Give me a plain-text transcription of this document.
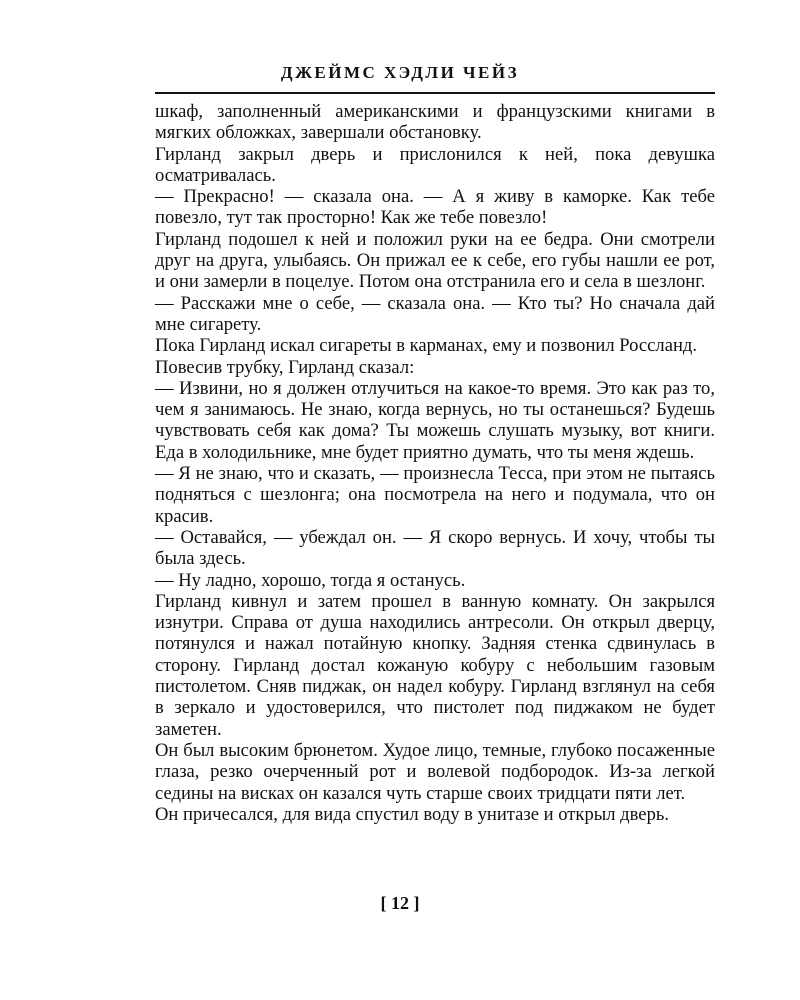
ДЖЕЙМС ХЭДЛИ ЧЕЙЗ

шкаф, заполненный американскими и французскими книгами в мягких обложках, завершали обстановку.

Гирланд закрыл дверь и прислонился к ней, пока девушка осматривалась.

— Прекрасно! — сказала она. — А я живу в каморке. Как тебе повезло, тут так просторно! Как же тебе повезло!

Гирланд подошел к ней и положил руки на ее бедра. Они смотрели друг на друга, улыбаясь. Он прижал ее к себе, его губы нашли ее рот, и они замерли в поцелуе. Потом она отстранила его и села в шезлонг.

— Расскажи мне о себе, — сказала она. — Кто ты? Но сначала дай мне сигарету.

Пока Гирланд искал сигареты в карманах, ему и позвонил Россланд.

Повесив трубку, Гирланд сказал:

— Извини, но я должен отлучиться на какое-то время. Это как раз то, чем я занимаюсь. Не знаю, когда вернусь, но ты останешься? Будешь чувствовать себя как дома? Ты можешь слушать музыку, вот книги. Еда в холодильнике, мне будет приятно думать, что ты меня ждешь.

— Я не знаю, что и сказать, — произнесла Тесса, при этом не пытаясь подняться с шезлонга; она посмотрела на него и подумала, что он красив.

— Оставайся, — убеждал он. — Я скоро вернусь. И хочу, чтобы ты была здесь.

— Ну ладно, хорошо, тогда я останусь.

Гирланд кивнул и затем прошел в ванную комнату. Он закрылся изнутри. Справа от душа находились антресоли. Он открыл дверцу, потянулся и нажал потайную кнопку. Задняя стенка сдвинулась в сторону. Гирланд достал кожаную кобуру с небольшим газовым пистолетом. Сняв пиджак, он надел кобуру. Гирланд взглянул на себя в зеркало и удостоверился, что пистолет под пиджаком не будет заметен.

Он был высоким брюнетом. Худое лицо, темные, глубоко посаженные глаза, резко очерченный рот и волевой подбородок. Из-за легкой седины на висках он казался чуть старше своих тридцати пяти лет.

Он причесался, для вида спустил воду в унитазе и открыл дверь.

[ 12 ]
